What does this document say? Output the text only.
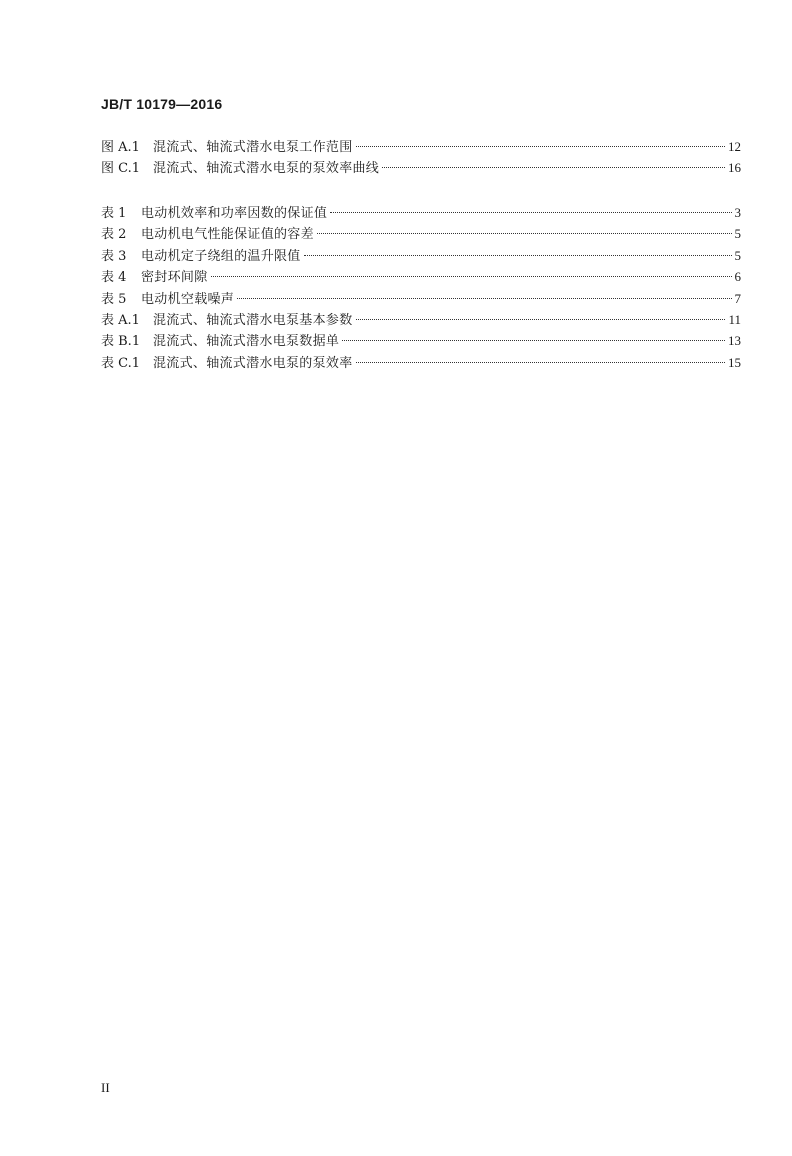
JB/T 10179—2016
图 A.1	混流式、轴流式潜水电泵工作范围	12
图 C.1 混流式、轴流式潜水电泵的泵效率曲线	16
表 1	电动机效率和功率因数的保证值	3
表 2	电动机电气性能保证值的容差	5
表 3	电动机定子绕组的温升限值	5
表 4	密封环间隙	6
表 5	电动机空载噪声	7
表 A.1	混流式、轴流式潜水电泵基本参数	11
表 B.1 混流式、轴流式潜水电泵数据单	13
表 C.1 混流式、轴流式潜水电泵的泵效率	15
II
